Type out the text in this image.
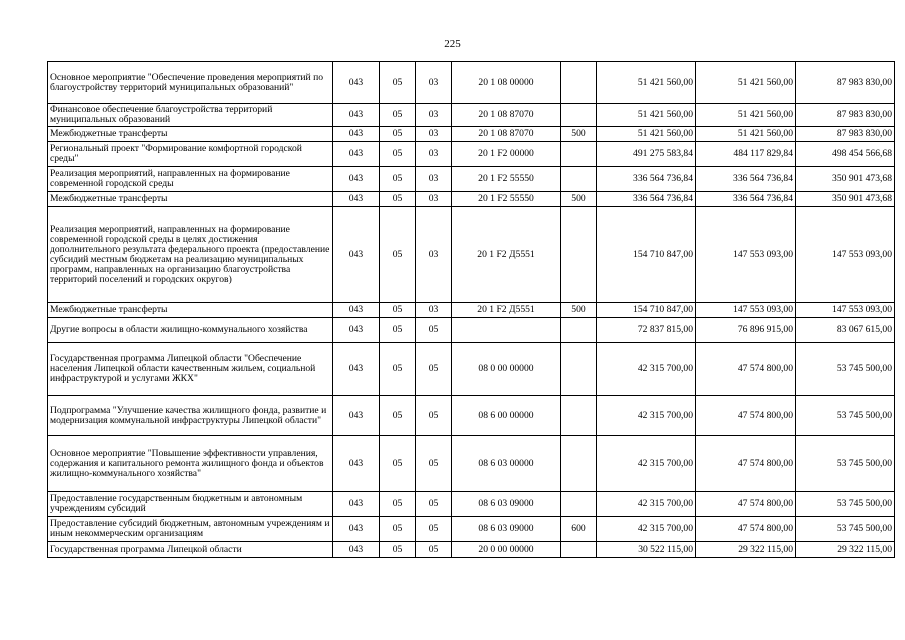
225
Основное мероприятие "Обеспечение проведения мероприятий по благоустройству территорий муниципальных образований"	043	05	03	20 1 08 00000		51 421 560,00	51 421 560,00	87 983 830,00
Финансовое обеспечение благоустройства территорий муниципальных образований	043	05	03	20 1 08 87070		51 421 560,00	51 421 560,00	87 983 830,00
Межбюджетные трансферты	043	05	03	20 1 08 87070	500	51 421 560,00	51 421 560,00	87 983 830,00
Региональный проект "Формирование комфортной городской среды"	043	05	03	20 1 F2 00000		491 275 583,84	484 117 829,84	498 454 566,68
Реализация мероприятий, направленных на формирование современной городской среды	043	05	03	20 1 F2 55550		336 564 736,84	336 564 736,84	350 901 473,68
Межбюджетные трансферты	043	05	03	20 1 F2 55550	500	336 564 736,84	336 564 736,84	350 901 473,68
Реализация мероприятий, направленных на формирование современной городской среды в целях достижения дополнительного результата федерального проекта (предоставление субсидий местным бюджетам на реализацию муниципальных программ, направленных на организацию благоустройства территорий поселений и городских округов)	043	05	03	20 1 F2 Д5551		154 710 847,00	147 553 093,00	147 553 093,00
Межбюджетные трансферты	043	05	03	20 1 F2 Д5551	500	154 710 847,00	147 553 093,00	147 553 093,00
Другие вопросы в области жилищно-коммунального хозяйства	043	05	05			72 837 815,00	76 896 915,00	83 067 615,00
Государственная программа Липецкой области "Обеспечение населения Липецкой области качественным жильем, социальной инфраструктурой и услугами ЖКХ"	043	05	05	08 0 00 00000		42 315 700,00	47 574 800,00	53 745 500,00
Подпрограмма "Улучшение качества жилищного фонда, развитие и модернизация коммунальной инфраструктуры Липецкой области"	043	05	05	08 6 00 00000		42 315 700,00	47 574 800,00	53 745 500,00
Основное мероприятие "Повышение эффективности управления, содержания и капитального ремонта жилищного фонда и объектов жилищно-коммунального хозяйства"	043	05	05	08 6 03 00000		42 315 700,00	47 574 800,00	53 745 500,00
Предоставление государственным бюджетным и автономным учреждениям субсидий	043	05	05	08 6 03 09000		42 315 700,00	47 574 800,00	53 745 500,00
Предоставление субсидий бюджетным, автономным учреждениям и иным некоммерческим организациям	043	05	05	08 6 03 09000	600	42 315 700,00	47 574 800,00	53 745 500,00
Государственная программа Липецкой области	043	05	05	20 0 00 00000		30 522 115,00	29 322 115,00	29 322 115,00
